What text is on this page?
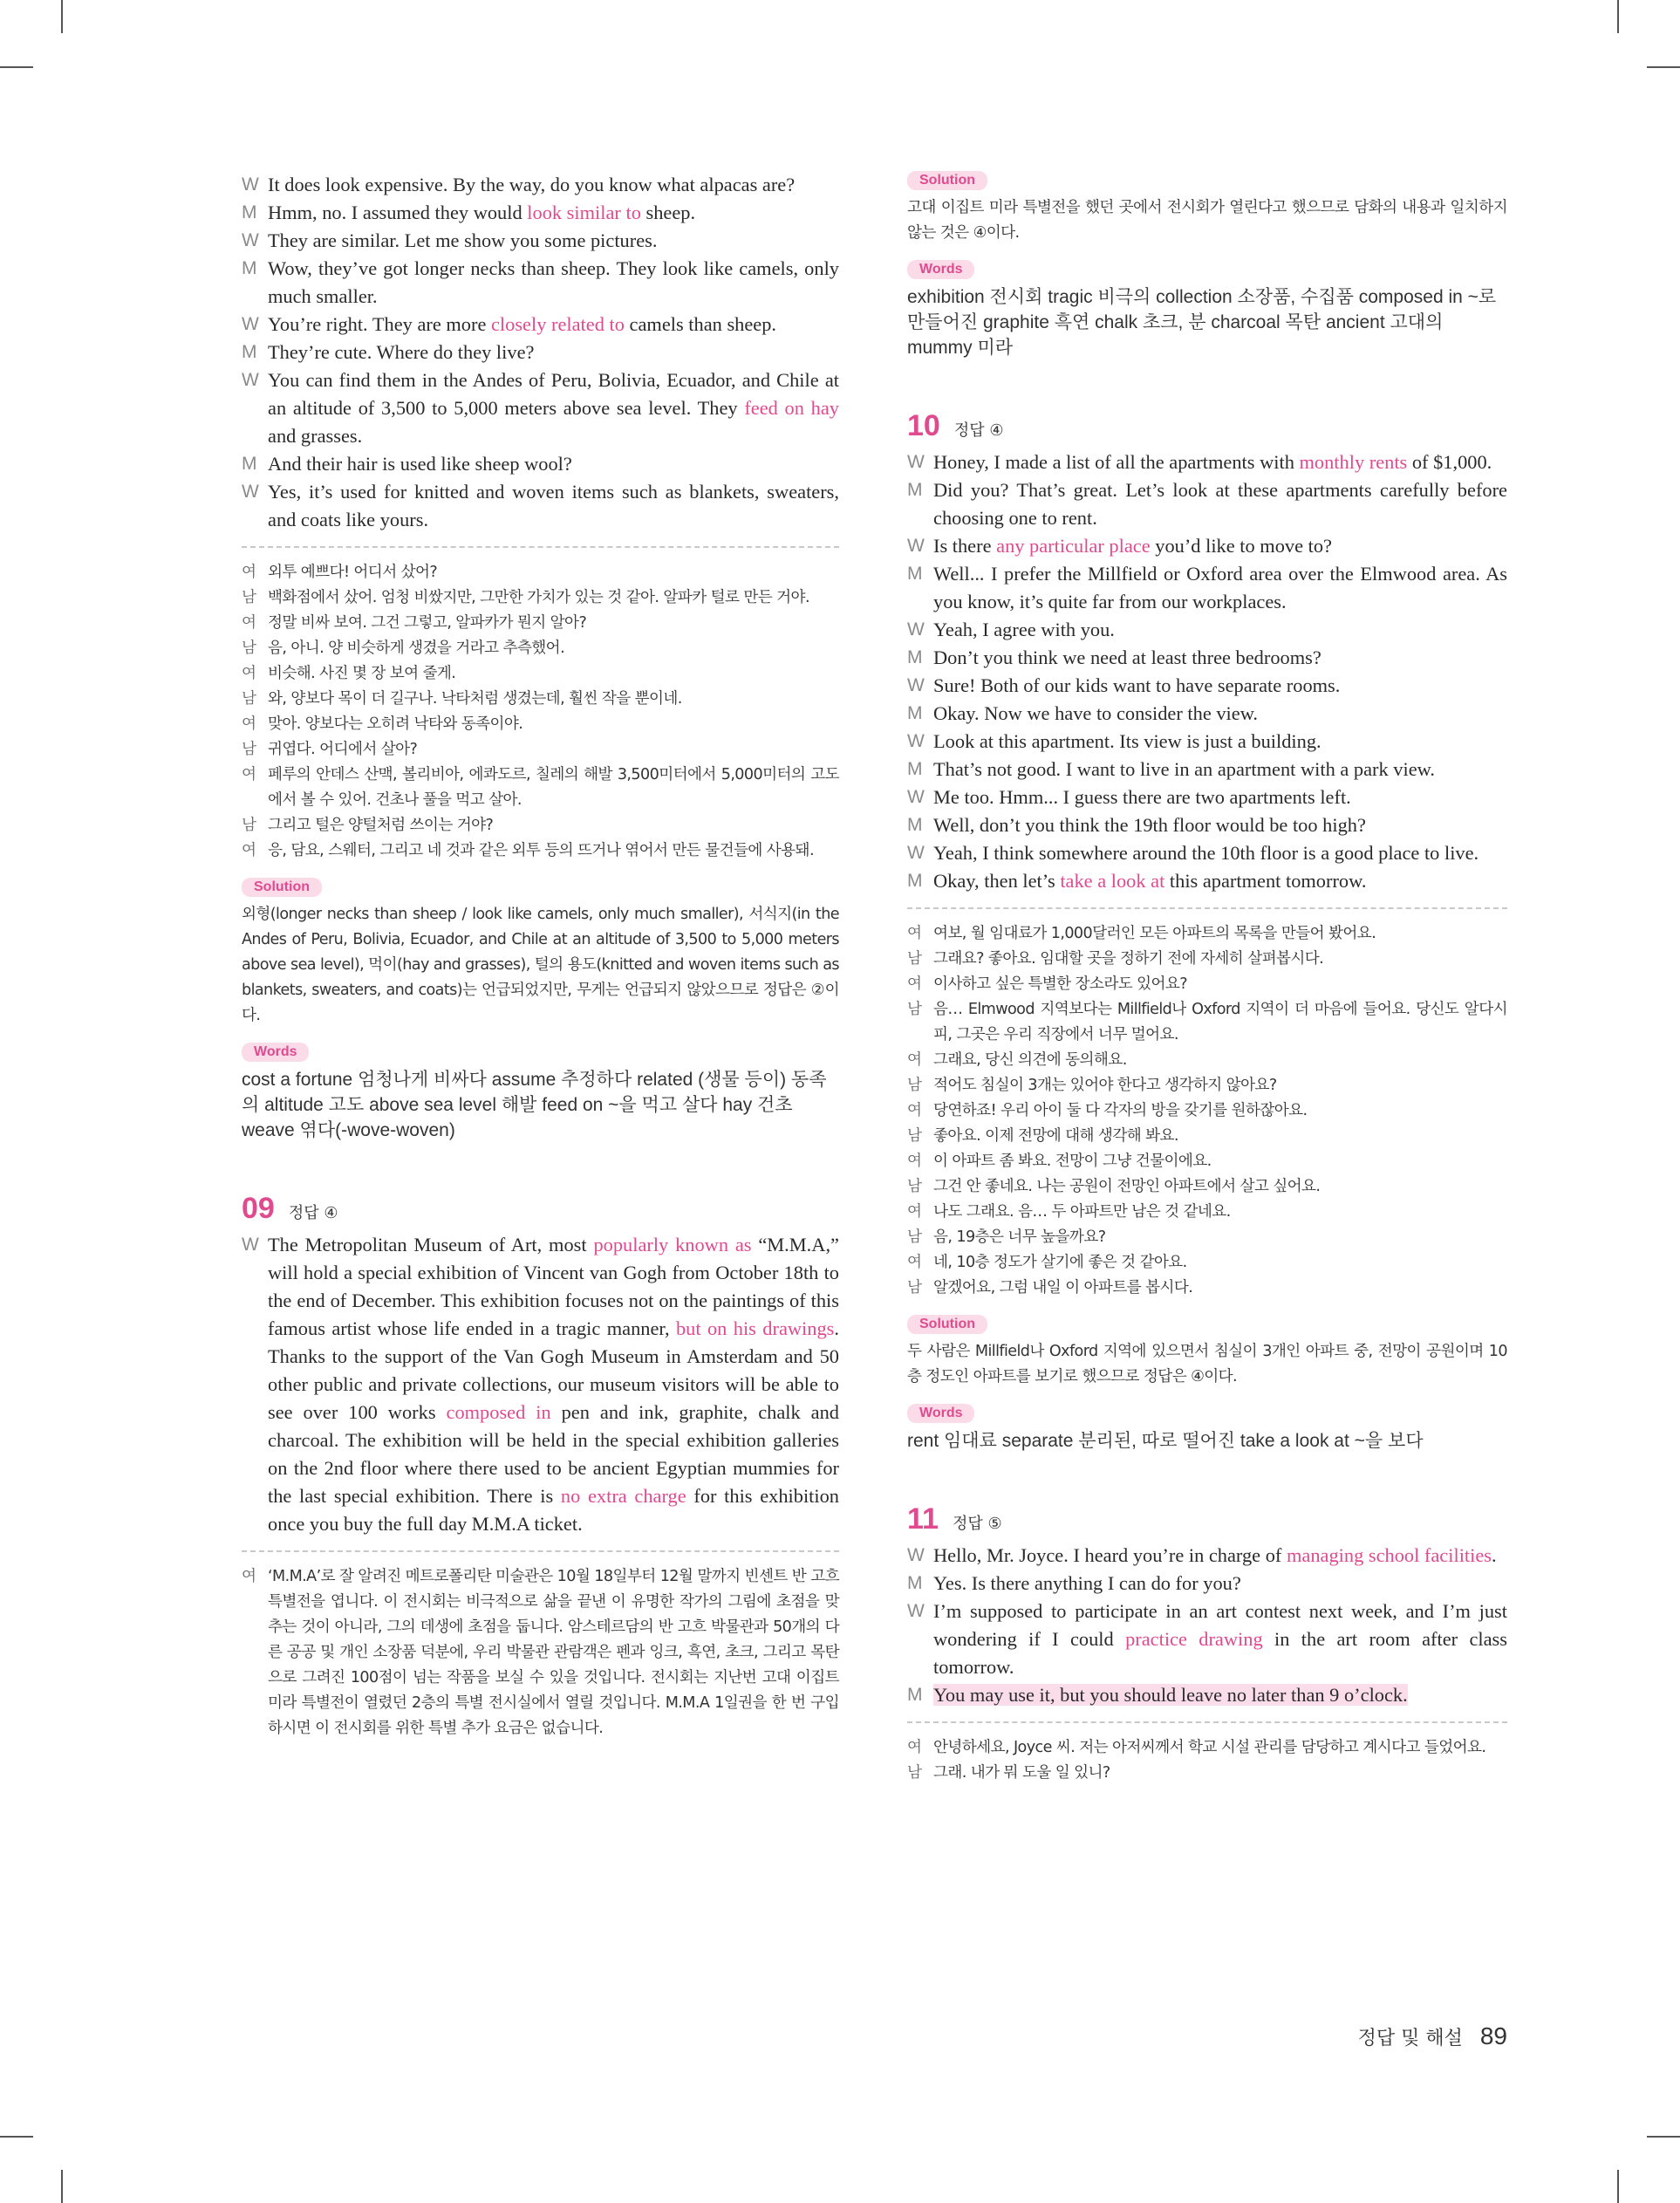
W It does look expensive. By the way, do you know what alpacas are?
M Hmm, no. I assumed they would look similar to sheep.
W They are similar. Let me show you some pictures.
M Wow, they’ve got longer necks than sheep. They look like camels, only much smaller.
W You’re right. They are more closely related to camels than sheep.
M They’re cute. Where do they live?
W You can find them in the Andes of Peru, Bolivia, Ecuador, and Chile at an altitude of 3,500 to 5,000 meters above sea level. They feed on hay and grasses.
M And their hair is used like sheep wool?
W Yes, it’s used for knitted and woven items such as blankets, sweaters, and coats like yours.
여 외투 예쁘다! 어디서 샀어?
남 백화점에서 샀어. 엄청 비쌌지만, 그만한 가치가 있는 것 같아. 알파카 털로 만든 거야.
여 정말 비싸 보여. 그건 그렇고, 알파카가 뭔지 알아?
남 음, 아니. 양 비슷하게 생겼을 거라고 추측했어.
여 비슷해. 사진 몇 장 보여 줄게.
남 와, 양보다 목이 더 길구나. 낙타처럼 생겼는데, 훨씬 작을 뿐이네.
여 맞아. 양보다는 오히려 낙타와 동족이야.
남 귀엽다. 어디에서 살아?
여 페루의 안데스 산맥, 볼리비아, 에콰도르, 칠레의 해발 3,500미터에서 5,000미터의 고도에서 볼 수 있어. 건초나 풀을 먹고 살아.
남 그리고 털은 양털처럼 쓰이는 거야?
여 응, 담요, 스웨터, 그리고 네 것과 같은 외투 등의 뜨거나 엮어서 만든 물건들에 사용돼.
Solution
외형(longer necks than sheep / look like camels, only much smaller), 서식지(in the Andes of Peru, Bolivia, Ecuador, and Chile at an altitude of 3,500 to 5,000 meters above sea level), 먹이(hay and grasses), 털의 용도(knitted and woven items such as blankets, sweaters, and coats)는 언급되었지만, 무게는 언급되지 않았으므로 정답은 ②이다.
Words
cost a fortune 엄청나게 비싸다 assume 추정하다 related (생물 등이) 동족의 altitude 고도 above sea level 해발 feed on ~을 먹고 살다 hay 건초 weave 엮다(-wove-woven)
09 정답 ④
W The Metropolitan Museum of Art, most popularly known as “M.M.A,” will hold a special exhibition of Vincent van Gogh from October 18th to the end of December. This exhibition focuses not on the paintings of this famous artist whose life ended in a tragic manner, but on his drawings. Thanks to the support of the Van Gogh Museum in Amsterdam and 50 other public and private collections, our museum visitors will be able to see over 100 works composed in pen and ink, graphite, chalk and charcoal. The exhibition will be held in the special exhibition galleries on the 2nd floor where there used to be ancient Egyptian mummies for the last special exhibition. There is no extra charge for this exhibition once you buy the full day M.M.A ticket.
여 ‘M.M.A’로 잘 알려진 메트로폴리탄 미술관은 10월 18일부터 12월 말까지 빈센트 반 고흐 특별전을 엽니다. 이 전시회는 비극적으로 삶을 끝낸 이 유명한 작가의 그림에 초점을 맞추는 것이 아니라, 그의 데생에 초점을 둡니다. 암스테르담의 반 고흐 박물관과 50개의 다른 공공 및 개인 소장품 덕분에, 우리 박물관 관람객은 펜과 잉크, 흑연, 초크, 그리고 목탄으로 그려진 100점이 넘는 작품을 보실 수 있을 것입니다. 전시회는 지난번 고대 이집트 미라 특별전이 열렸던 2층의 특별 전시실에서 열릴 것입니다. M.M.A 1일권을 한 번 구입하시면 이 전시회를 위한 특별 추가 요금은 없습니다.
Solution
고대 이집트 미라 특별전을 했던 곳에서 전시회가 열린다고 했으므로 담화의 내용과 일치하지 않는 것은 ④이다.
Words
exhibition 전시회 tragic 비극의 collection 소장품, 수집품 composed in ~로 만들어진 graphite 흑연 chalk 초크, 분 charcoal 목탄 ancient 고대의 mummy 미라
10 정답 ④
W Honey, I made a list of all the apartments with monthly rents of $1,000.
M Did you? That’s great. Let’s look at these apartments carefully before choosing one to rent.
W Is there any particular place you’d like to move to?
M Well... I prefer the Millfield or Oxford area over the Elmwood area. As you know, it’s quite far from our workplaces.
W Yeah, I agree with you.
M Don’t you think we need at least three bedrooms?
W Sure! Both of our kids want to have separate rooms.
M Okay. Now we have to consider the view.
W Look at this apartment. Its view is just a building.
M That’s not good. I want to live in an apartment with a park view.
W Me too. Hmm... I guess there are two apartments left.
M Well, don’t you think the 19th floor would be too high?
W Yeah, I think somewhere around the 10th floor is a good place to live.
M Okay, then let’s take a look at this apartment tomorrow.
여 여보, 월 임대료가 1,000달러인 모든 아파트의 목록을 만들어 봤어요.
남 그래요? 좋아요. 임대할 곳을 정하기 전에 자세히 살펴봅시다.
여 이사하고 싶은 특별한 장소라도 있어요?
남 음… Elmwood 지역보다는 Millfield나 Oxford 지역이 더 마음에 들어요. 당신도 알다시피, 그곳은 우리 직장에서 너무 멀어요.
여 그래요, 당신 의견에 동의해요.
남 적어도 침실이 3개는 있어야 한다고 생각하지 않아요?
여 당연하죠! 우리 아이 둘 다 각자의 방을 갖기를 원하잖아요.
남 좋아요. 이제 전망에 대해 생각해 봐요.
여 이 아파트 좀 봐요. 전망이 그냥 건물이에요.
남 그건 안 좋네요. 나는 공원이 전망인 아파트에서 살고 싶어요.
여 나도 그래요. 음… 두 아파트만 남은 것 같네요.
남 음, 19층은 너무 높을까요?
여 네, 10층 정도가 살기에 좋은 것 같아요.
남 알겠어요, 그럼 내일 이 아파트를 봅시다.
Solution
두 사람은 Millfield나 Oxford 지역에 있으면서 침실이 3개인 아파트 중, 전망이 공원이며 10층 정도인 아파트를 보기로 했으므로 정답은 ④이다.
Words
rent 임대료 separate 분리된, 따로 떨어진 take a look at ~을 보다
11 정답 ⑤
W Hello, Mr. Joyce. I heard you’re in charge of managing school facilities.
M Yes. Is there anything I can do for you?
W I’m supposed to participate in an art contest next week, and I’m just wondering if I could practice drawing in the art room after class tomorrow.
M You may use it, but you should leave no later than 9 o’clock.
여 안녕하세요, Joyce 씨. 저는 아저씨께서 학교 시설 관리를 담당하고 계시다고 들었어요.
남 그래. 내가 뭐 도울 일 있니?
정답 및 해설 89
